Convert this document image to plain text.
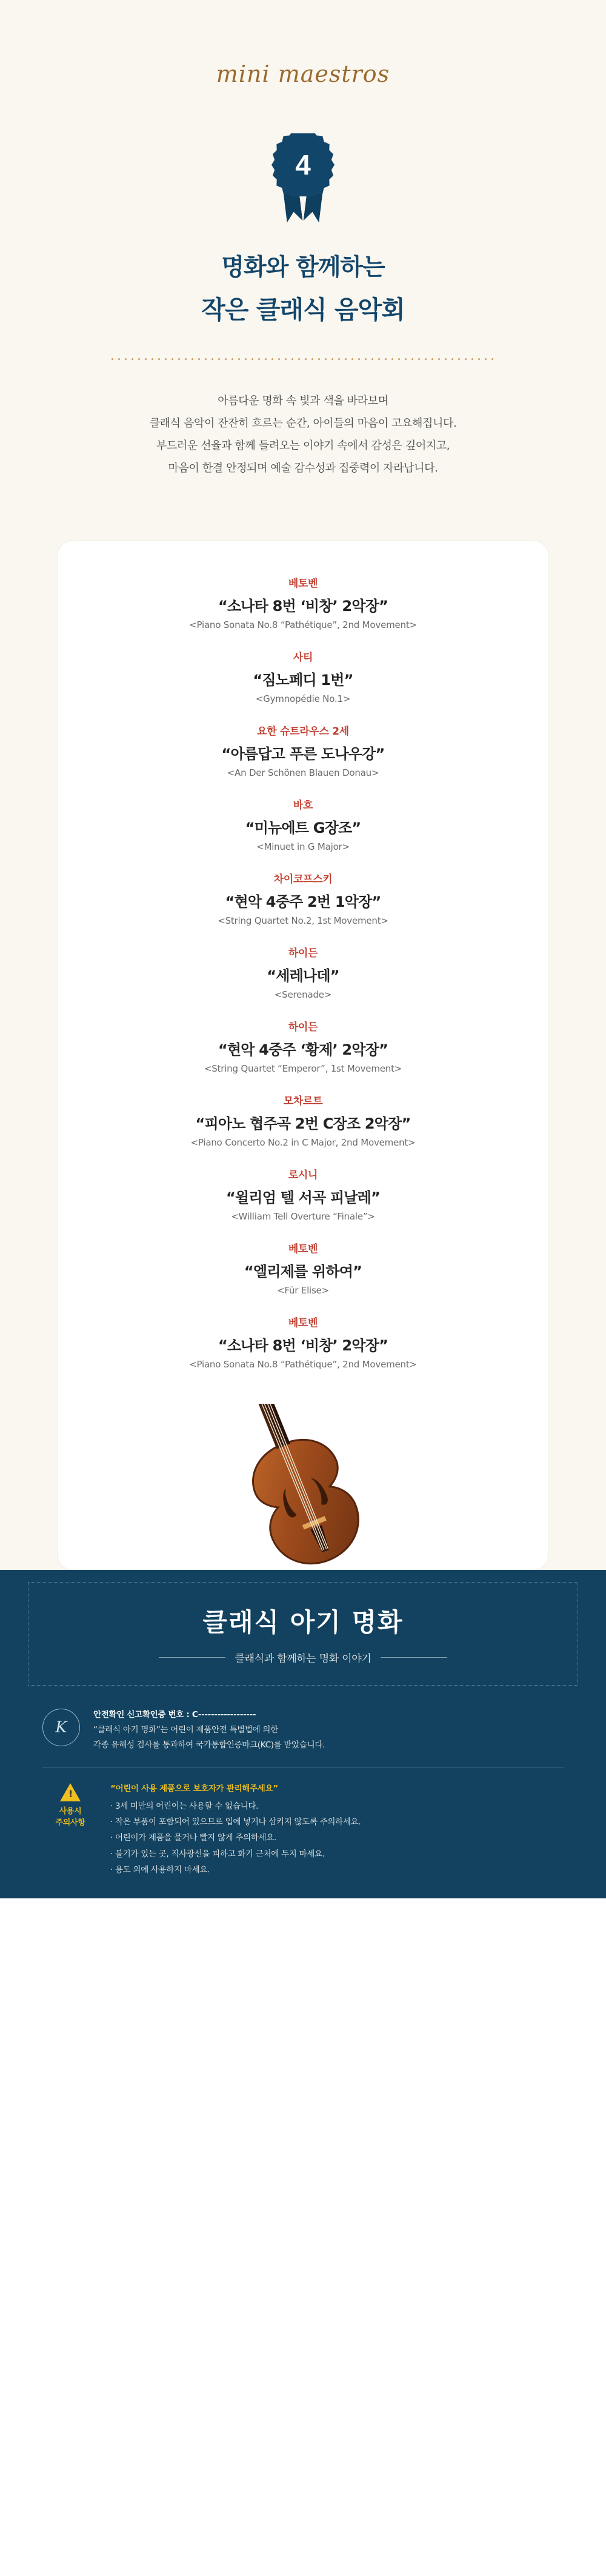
mini maestros
4
명화와 함께하는
작은 클래식 음악회
아름다운 명화 속 빛과 색을 바라보며
클래식 음악이 잔잔히 흐르는 순간, 아이들의 마음이 고요해집니다.
부드러운 선율과 함께 들려오는 이야기 속에서 감성은 깊어지고,
마음이 한결 안정되며 예술 감수성과 집중력이 자라납니다.
베토벤
“소나타 8번 ‘비창’ 2악장”
<Piano Sonata No.8 “Pathétique”, 2nd Movement>
사티
“짐노페디 1번”
<Gymnopédie No.1>
요한 슈트라우스 2세
“아름답고 푸른 도나우강”
<An Der Schönen Blauen Donau>
바흐
“미뉴에트 G장조”
<Minuet in G Major>
차이코프스키
“현악 4중주 2번 1악장”
<String Quartet No.2, 1st Movement>
하이든
“세레나데”
<Serenade>
하이든
“현악 4중주 ‘황제’ 2악장”
<String Quartet “Emperor”, 1st Movement>
모차르트
“피아노 협주곡 2번 C장조 2악장”
<Piano Concerto No.2 in C Major, 2nd Movement>
로시니
“윌리엄 텔 서곡 피날레”
<William Tell Overture “Finale”>
베토벤
“엘리제를 위하여”
<Für Elise>
베토벤
“소나타 8번 ‘비창’ 2악장”
<Piano Sonata No.8 “Pathétique”, 2nd Movement>
클래식 아기 명화
클래식과 함께하는 명화 이야기
K
안전확인 신고확인증 번호 : C------------------
“클래식 아기 명화”는 어린이 제품안전 특별법에 의한
각종 유해성 검사를 통과하여 국가통합인증마크(KC)를 받았습니다.
!
사용시
주의사항
“어린이 사용 제품으로 보호자가 관리해주세요”
· 3세 미만의 어린이는 사용할 수 없습니다.
· 작은 부품이 포함되어 있으므로 입에 넣거나 삼키지 않도록 주의하세요.
· 어린이가 제품을 물거나 빨지 않게 주의하세요.
· 불기가 있는 곳, 직사광선을 피하고 화기 근처에 두지 마세요.
· 용도 외에 사용하지 마세요.
